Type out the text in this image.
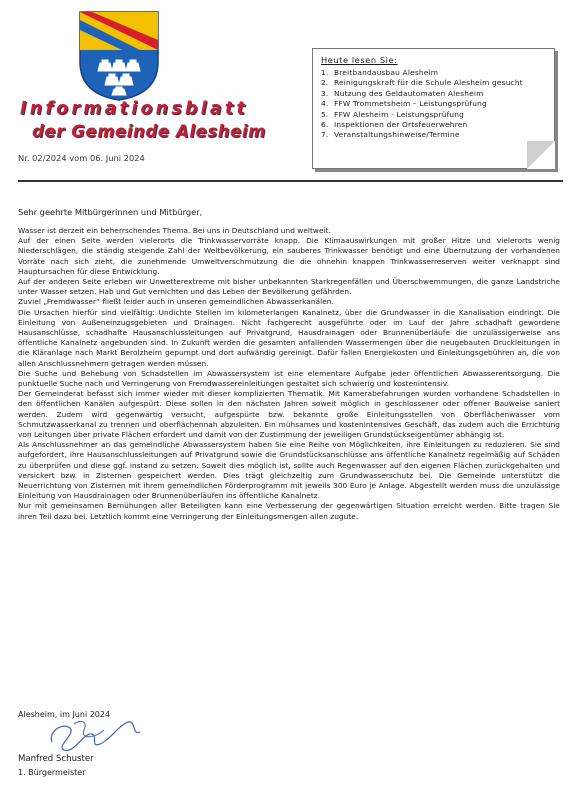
Informationsblatt
der Gemeinde Alesheim
Nr. 02/2024 vom 06. Juni 2024
Heute lesen Sie:
1. Breitbandausbau Alesheim
2. Reinigungskraft für die Schule Alesheim gesucht
3. Nutzung des Geldautomaten Alesheim
4. FFW Trommetsheim – Leistungsprüfung
5. FFW Alesheim - Leistungsprüfung
6. Inspektionen der Ortsfeuerwehren
7. Veranstaltungshinweise/Termine
Sehr geehrte Mitbürgerinnen und Mitbürger,

Wasser ist derzeit ein beherrschendes Thema. Bei uns in Deutschland und weltweit.

Auf der einen Seite werden vielerorts die Trinkwasservorräte knapp. Die Klimaauswirkungen mit großer Hitze und vielerorts wenig Niederschlägen, die ständig steigende Zahl der Weltbevölkerung, ein sauberes Trinkwasser benötigt und eine Übernutzung der vorhandenen Vorräte nach sich zieht, die zunehmende Umweltverschmutzung die die ohnehin knappen Trinkwasserreserven weiter verknappt sind Hauptursachen für diese Entwicklung.

Auf der anderen Seite erleben wir Unwetterextreme mit bisher unbekannten Starkregenfällen und Überschwemmungen, die ganze Landstriche unter Wasser setzen. Hab und Gut vernichten und das Leben der Bevölkerung gefährden.

Zuviel „Fremdwasser“ fließt leider auch in unseren gemeindlichen Abwasserkanälen.

Die Ursachen hierfür sind vielfältig: Undichte Stellen im kilometerlangen Kanalnetz, über die Grundwasser in die Kanalisation eindringt. Die Einleitung von Außeneinzugsgebieten und Drainagen. Nicht fachgerecht ausgeführte oder im Lauf der Jahre schadhaft gewordene Hausanschlüsse, schadhafte Hausanschlussleitungen auf Privatgrund, Hausdrainagen oder Brunnenüberläufe die unzulässigerweise ans öffentliche Kanalnetz angebunden sind. In Zukunft werden die gesamten anfallenden Wassermengen über die neugebauten Druckleitungen in die Kläranlage nach Markt Berolzheim gepumpt und dort aufwändig gereinigt. Dafür fallen Energiekosten und Einleitungsgebühren an, die von allen Anschlussnehmern getragen werden müssen.

Die Suche und Behebung von Schadstellen im Abwassersystem ist eine elementare Aufgabe jeder öffentlichen Abwasserentsorgung. Die punktuelle Suche nach und Verringerung von Fremdwassereinleitungen gestaltet sich schwierig und kostenintensiv.

Der Gemeinderat befasst sich immer wieder mit dieser komplizierten Thematik. Mit Kamerabefahrungen wurden vorhandene Schadstellen in den öffentlichen Kanälen aufgespürt. Diese sollen in den nächsten Jahren soweit möglich in geschlossener oder offener Bauweise saniert werden. Zudem wird gegenwärtig versucht, aufgespürte bzw. bekannte große Einleitungsstellen von Oberflächenwasser vom Schmutzwasserkanal zu trennen und oberflächennah abzuleiten. Ein mühsames und kostenintensives Geschäft, das zudem auch die Errichtung von Leitungen über private Flächen erfordert und damit von der Zustimmung der jeweiligen Grundstückseigentümer abhängig ist.

Als Anschlussnehmer an das gemeindliche Abwassersystem haben Sie eine Reihe von Möglichkeiten, ihre Einleitungen zu reduzieren. Sie sind aufgefordert, ihre Hausanschlussleitungen auf Privatgrund sowie die Grundstücksanschlüsse ans öffentliche Kanalnetz regelmäßig auf Schäden zu überprüfen und diese ggf. instand zu setzen. Soweit dies möglich ist, sollte auch Regenwasser auf den eigenen Flächen zurückgehalten und versickert bzw. in Zisternen gespeichert werden. Dies trägt gleichzeitig zum Grundwasserschutz bei. Die Gemeinde unterstützt die Neuerrichtung von Zisternen mit ihrem gemeindlichen Förderprogramm mit jeweils 300 Euro je Anlage. Abgestellt werden muss die unzulässige Einleitung von Hausdrainagen oder Brunnenüberläufen ins öffentliche Kanalnetz.

Nur mit gemeinsamen Bemühungen aller Beteiligten kann eine Verbesserung der gegenwärtigen Situation erreicht werden. Bitte tragen Sie ihren Teil dazu bei. Letztlich kommt eine Verringerung der Einleitungsmengen allen zugute.

Alesheim, im Juni 2024
Manfred Schuster
1. Bürgermeister
